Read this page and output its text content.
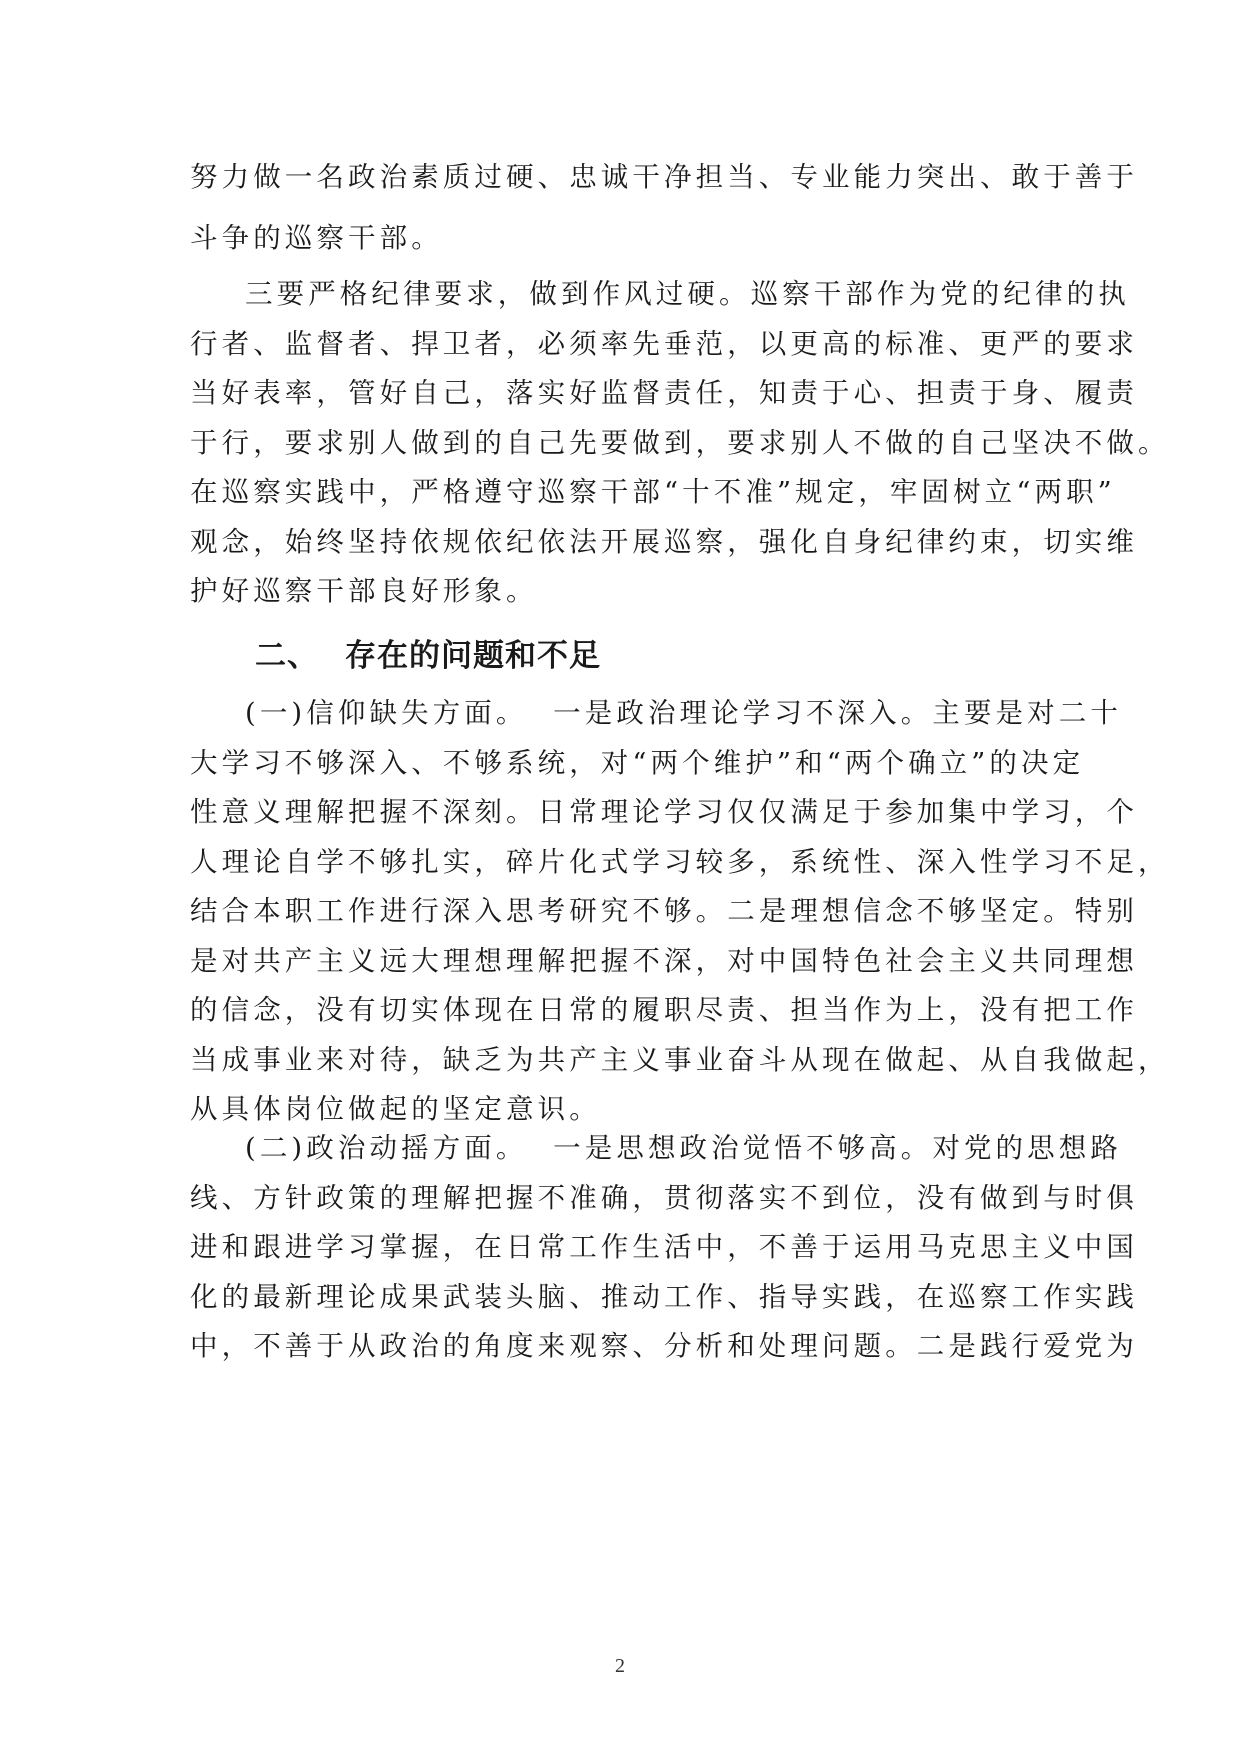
努力做一名政治素质过硬、忠诚干净担当、专业能力突出、敢于善于
斗争的巡察干部。
三要严格纪律要求，做到作风过硬。巡察干部作为党的纪律的执
行者、监督者、捍卫者，必须率先垂范，以更高的标准、更严的要求
当好表率，管好自己，落实好监督责任，知责于心、担责于身、履责
于行，要求别人做到的自己先要做到，要求别人不做的自己坚决不做。
在巡察实践中，严格遵守巡察干部“十不准”规定，牢固树立“两职”
观念，始终坚持依规依纪依法开展巡察，强化自身纪律约束，切实维
护好巡察干部良好形象。
二、 存在的问题和不足
(一)信仰缺失方面。  一是政治理论学习不深入。主要是对二十
大学习不够深入、不够系统，对“两个维护”和“两个确立”的决定
性意义理解把握不深刻。日常理论学习仅仅满足于参加集中学习，个
人理论自学不够扎实，碎片化式学习较多，系统性、深入性学习不足，
结合本职工作进行深入思考研究不够。二是理想信念不够坚定。特别
是对共产主义远大理想理解把握不深，对中国特色社会主义共同理想
的信念，没有切实体现在日常的履职尽责、担当作为上，没有把工作
当成事业来对待，缺乏为共产主义事业奋斗从现在做起、从自我做起，
从具体岗位做起的坚定意识。
(二)政治动摇方面。  一是思想政治觉悟不够高。对党的思想路
线、方针政策的理解把握不准确，贯彻落实不到位，没有做到与时俱
进和跟进学习掌握，在日常工作生活中，不善于运用马克思主义中国
化的最新理论成果武装头脑、推动工作、指导实践，在巡察工作实践
中，不善于从政治的角度来观察、分析和处理问题。二是践行爱党为
2
